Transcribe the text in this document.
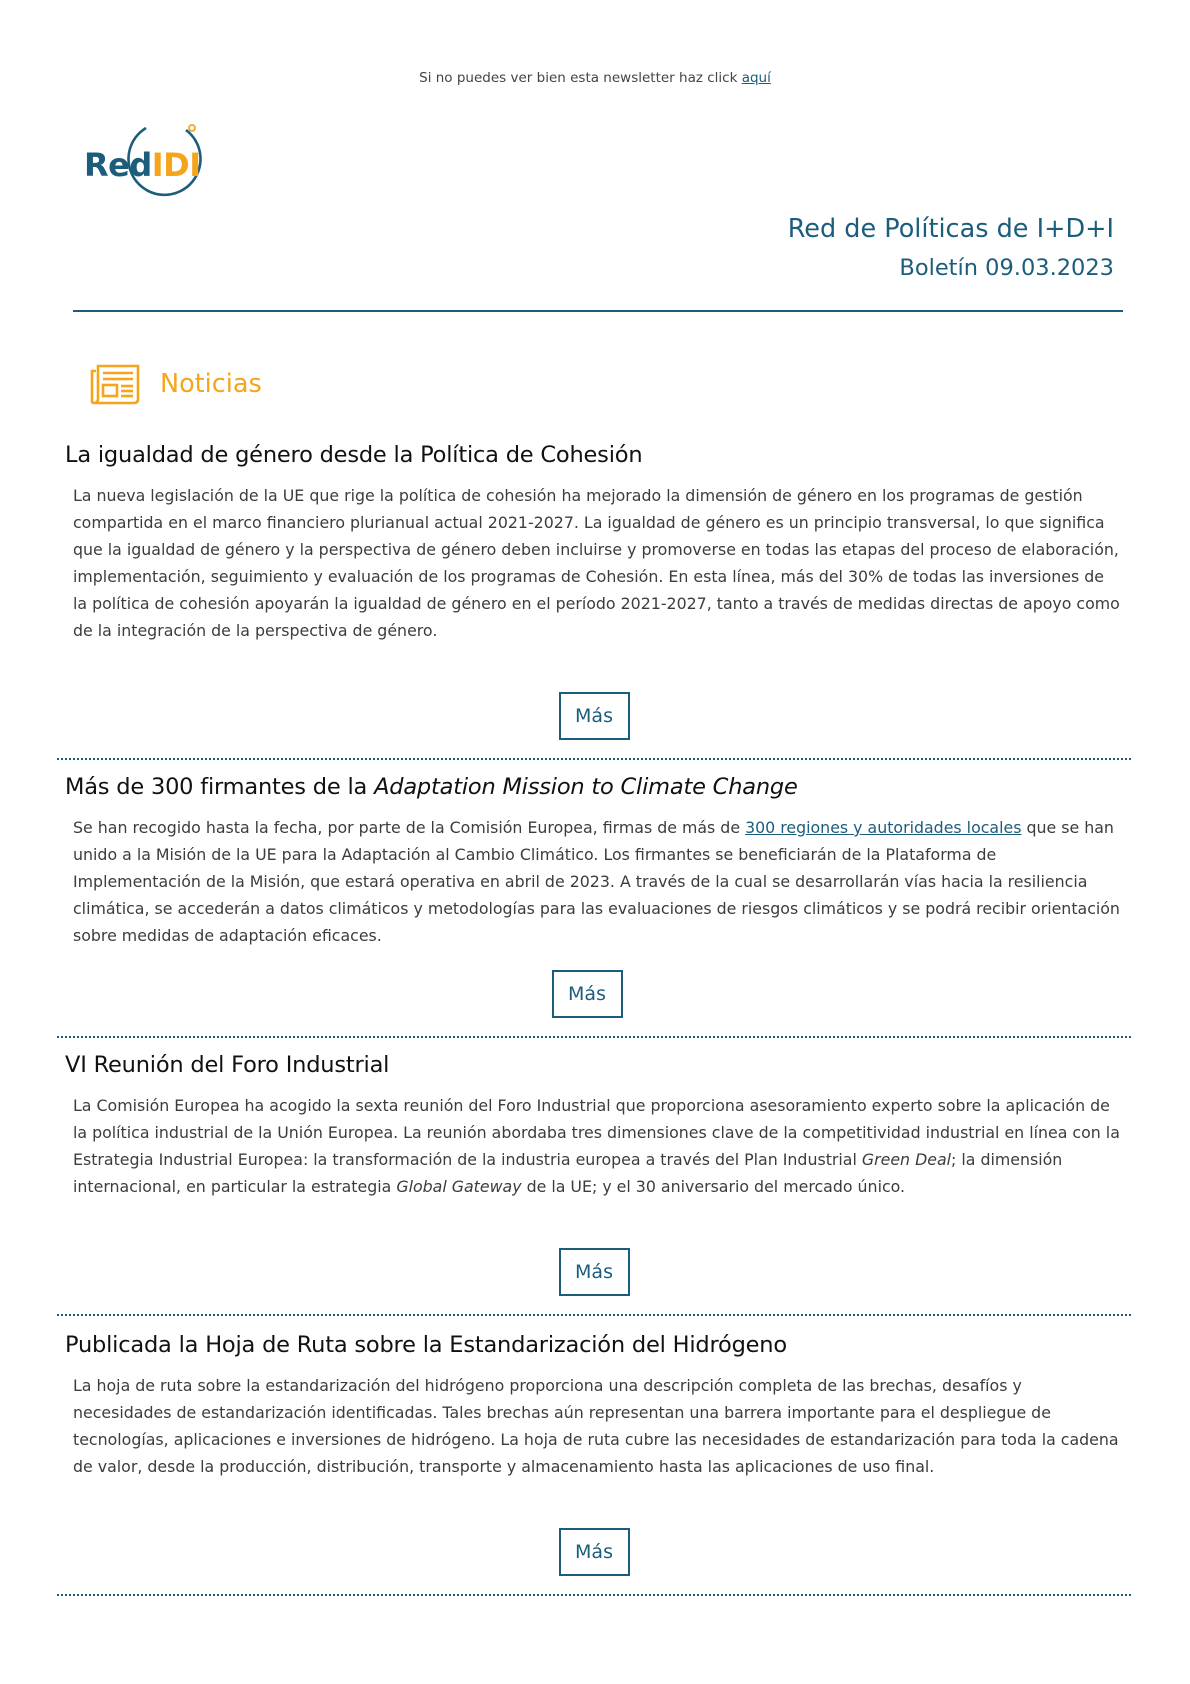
Si no puedes ver bien esta newsletter haz click aquí
RedIDI
Red de Políticas de I+D+I
Boletín 09.03.2023
Noticias
La igualdad de género desde la Política de Cohesión

La nueva legislación de la UE que rige la política de cohesión ha mejorado la dimensión de género en los programas de gestión compartida en el marco financiero plurianual actual 2021-2027. La igualdad de género es un principio transversal, lo que significa que la igualdad de género y la perspectiva de género deben incluirse y promoverse en todas las etapas del proceso de elaboración, implementación, seguimiento y evaluación de los programas de Cohesión. En esta línea, más del 30% de todas las inversiones de la política de cohesión apoyarán la igualdad de género en el período 2021-2027, tanto a través de medidas directas de apoyo como de la integración de la perspectiva de género.

Más
Más de 300 firmantes de la Adaptation Mission to Climate Change

Se han recogido hasta la fecha, por parte de la Comisión Europea, firmas de más de 300 regiones y autoridades locales que se han unido a la Misión de la UE para la Adaptación al Cambio Climático. Los firmantes se beneficiarán de la Plataforma de Implementación de la Misión, que estará operativa en abril de 2023. A través de la cual se desarrollarán vías hacia la resiliencia climática, se accederán a datos climáticos y metodologías para las evaluaciones de riesgos climáticos y se podrá recibir orientación sobre medidas de adaptación eficaces.

Más
VI Reunión del Foro Industrial

La Comisión Europea ha acogido la sexta reunión del Foro Industrial que proporciona asesoramiento experto sobre la aplicación de la política industrial de la Unión Europea. La reunión abordaba tres dimensiones clave de la competitividad industrial en línea con la Estrategia Industrial Europea: la transformación de la industria europea a través del Plan Industrial Green Deal; la dimensión internacional, en particular la estrategia Global Gateway de la UE; y el 30 aniversario del mercado único.

Más
Publicada la Hoja de Ruta sobre la Estandarización del Hidrógeno

La hoja de ruta sobre la estandarización del hidrógeno proporciona una descripción completa de las brechas, desafíos y necesidades de estandarización identificadas. Tales brechas aún representan una barrera importante para el despliegue de tecnologías, aplicaciones e inversiones de hidrógeno. La hoja de ruta cubre las necesidades de estandarización para toda la cadena de valor, desde la producción, distribución, transporte y almacenamiento hasta las aplicaciones de uso final.

Más
